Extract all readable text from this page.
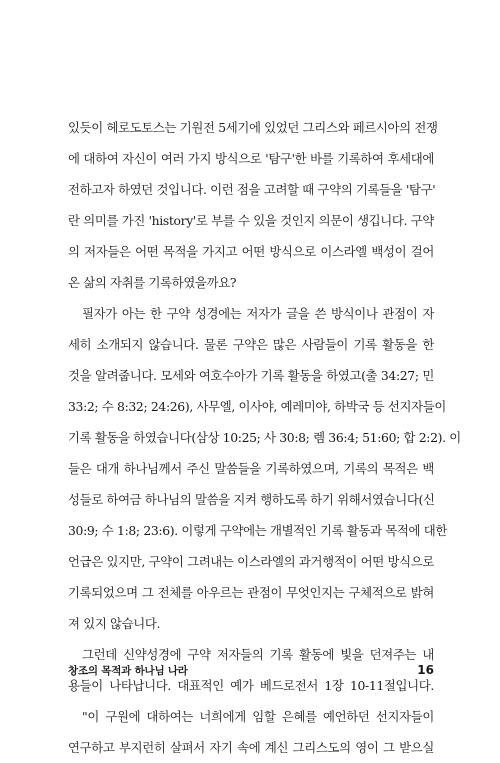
있듯이 헤로도토스는 기원전 5세기에 있었던 그리스와 페르시아의 전쟁
에 대하여 자신이 여러 가지 방식으로 '탐구'한 바를 기록하여 후세대에
전하고자 하였던 것입니다. 이런 점을 고려할 때 구약의 기록들을 '탐구'
란 의미를 가진 'history'로 부를 수 있을 것인지 의문이 생깁니다. 구약
의 저자들은 어떤 목적을 가지고 어떤 방식으로 이스라엘 백성이 걸어
온 삶의 자취를 기록하였을까요?
필자가 아는 한 구약 성경에는 저자가 글을 쓴 방식이나 관점이 자
세히 소개되지 않습니다. 물론 구약은 많은 사람들이 기록 활동을 한
것을 알려줍니다. 모세와 여호수아가 기록 활동을 하였고(출 34:27; 민
33:2; 수 8:32; 24:26), 사무엘, 이사야, 예레미야, 하박국 등 선지자들이
기록 활동을 하였습니다(삼상 10:25; 사 30:8; 렘 36:4; 51:60; 합 2:2). 이
들은 대개 하나님께서 주신 말씀들을 기록하였으며, 기록의 목적은 백
성들로 하여금 하나님의 말씀을 지켜 행하도록 하기 위해서였습니다(신
30:9; 수 1:8; 23:6). 이렇게 구약에는 개별적인 기록 활동과 목적에 대한
언급은 있지만, 구약이 그려내는 이스라엘의 과거행적이 어떤 방식으로
기록되었으며 그 전체를 아우르는 관점이 무엇인지는 구체적으로 밝혀
져 있지 않습니다.
그런데 신약성경에 구약 저자들의 기록 활동에 빛을 던져주는 내
용들이 나타납니다. 대표적인 예가 베드로전서 1장 10-11절입니다.
"이 구원에 대하여는 너희에게 임할 은혜를 예언하던 선지자들이
연구하고 부지런히 살펴서 자기 속에 계신 그리스도의 영이 그 받으실
창조의 목적과 하나님 나라	16
